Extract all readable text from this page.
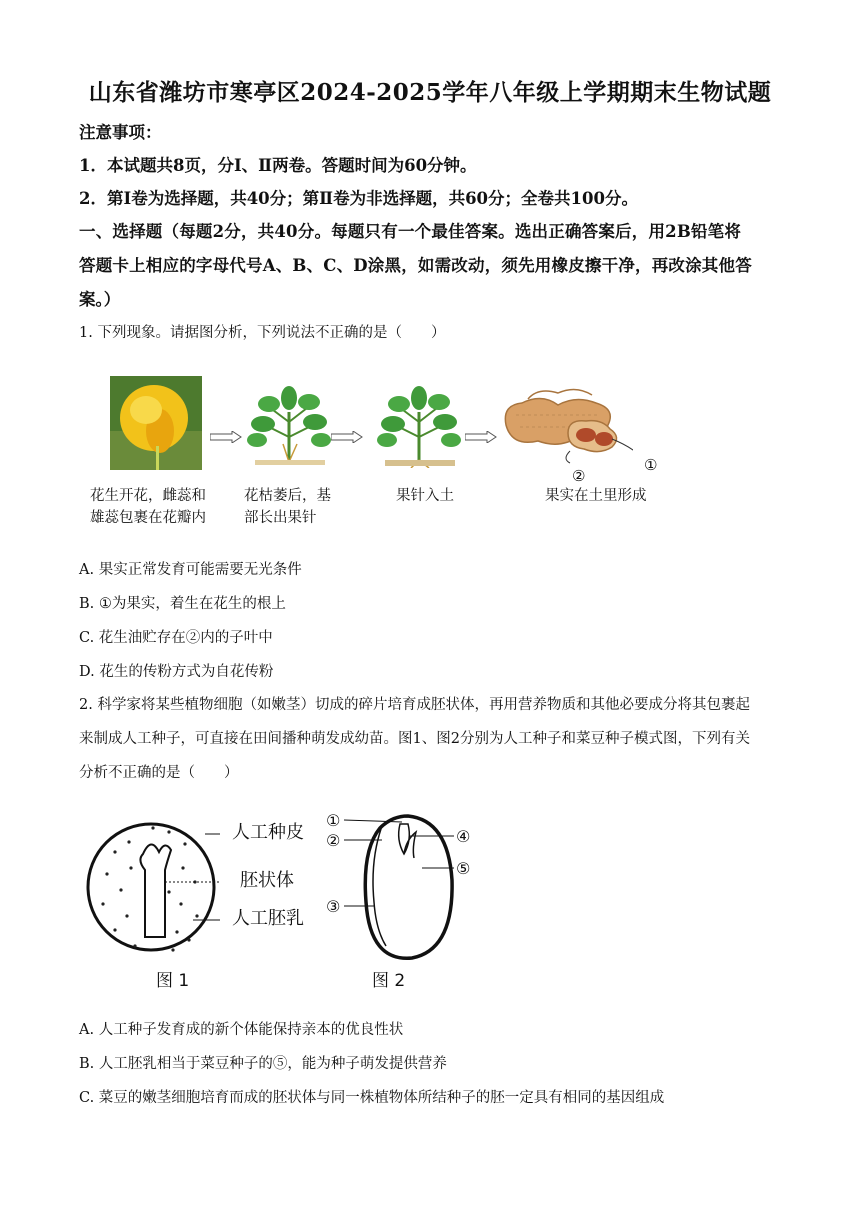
山东省潍坊市寒亭区2024-2025学年八年级上学期期末生物试题
注意事项：
1．本试题共8页，分Ⅰ、Ⅱ两卷。答题时间为60分钟。
2．第Ⅰ卷为选择题，共40分；第Ⅱ卷为非选择题，共60分；全卷共100分。
一、选择题（每题2分，共40分。每题只有一个最佳答案。选出正确答案后，用2B铅笔将
答题卡上相应的字母代号A、B、C、D涂黑，如需改动，须先用橡皮擦干净，再改涂其他答
案。）
1. 下列现象。请据图分析，下列说法不正确的是（　　）
②
①
花生开花，雌蕊和
雄蕊包裹在花瓣内
花枯萎后，基
部长出果针
果针入土	果实在土里形成
A. 果实正常发育可能需要无光条件
B. ①为果实，着生在花生的根上
C. 花生油贮存在②内的子叶中
D. 花生的传粉方式为自花传粉
2. 科学家将某些植物细胞（如嫩茎）切成的碎片培育成胚状体，再用营养物质和其他必要成分将其包裹起
来制成人工种子，可直接在田间播种萌发成幼苗。图1、图2分别为人工种子和菜豆种子模式图，下列有关
分析不正确的是（　　）
人工种皮
胚状体
人工胚乳
图 1
①
②
③
④
⑤
图 2
A. 人工种子发育成的新个体能保持亲本的优良性状
B. 人工胚乳相当于菜豆种子的⑤，能为种子萌发提供营养
C. 菜豆的嫩茎细胞培育而成的胚状体与同一株植物体所结种子的胚一定具有相同的基因组成
